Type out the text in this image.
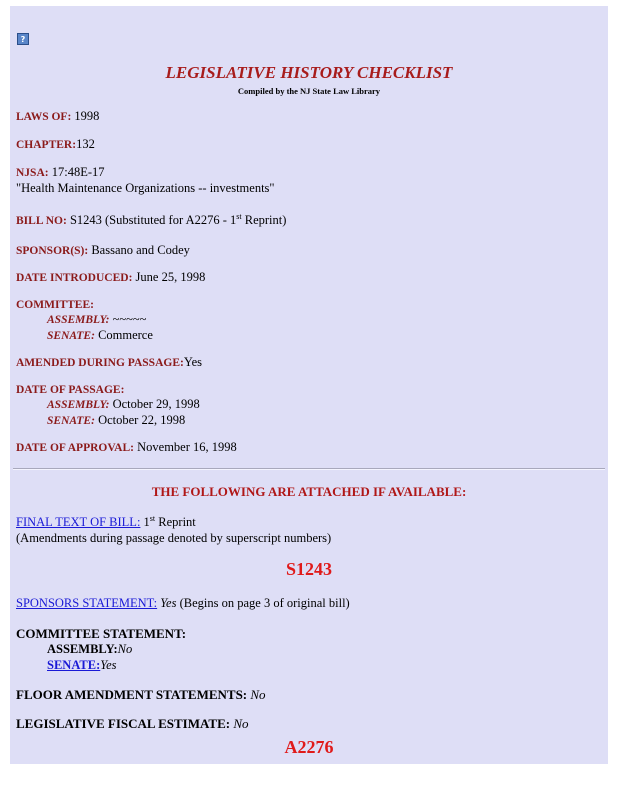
?
LEGISLATIVE HISTORY CHECKLIST
Compiled by the NJ State Law Library
LAWS OF: 1998
CHAPTER:132
NJSA: 17:48E-17
"Health Maintenance Organizations -- investments"
BILL NO: S1243 (Substituted for A2276 - 1st Reprint)
SPONSOR(S): Bassano and Codey
DATE INTRODUCED: June 25, 1998
COMMITTEE:
ASSEMBLY: ~~~~~
SENATE: Commerce
AMENDED DURING PASSAGE:Yes
DATE OF PASSAGE:
ASSEMBLY: October 29, 1998
SENATE: October 22, 1998
DATE OF APPROVAL: November 16, 1998
THE FOLLOWING ARE ATTACHED IF AVAILABLE:
FINAL TEXT OF BILL: 1st Reprint
(Amendments during passage denoted by superscript numbers)
S1243
SPONSORS STATEMENT: Yes (Begins on page 3 of original bill)
COMMITTEE STATEMENT:
ASSEMBLY:No
SENATE:Yes
FLOOR AMENDMENT STATEMENTS: No
LEGISLATIVE FISCAL ESTIMATE: No
A2276
